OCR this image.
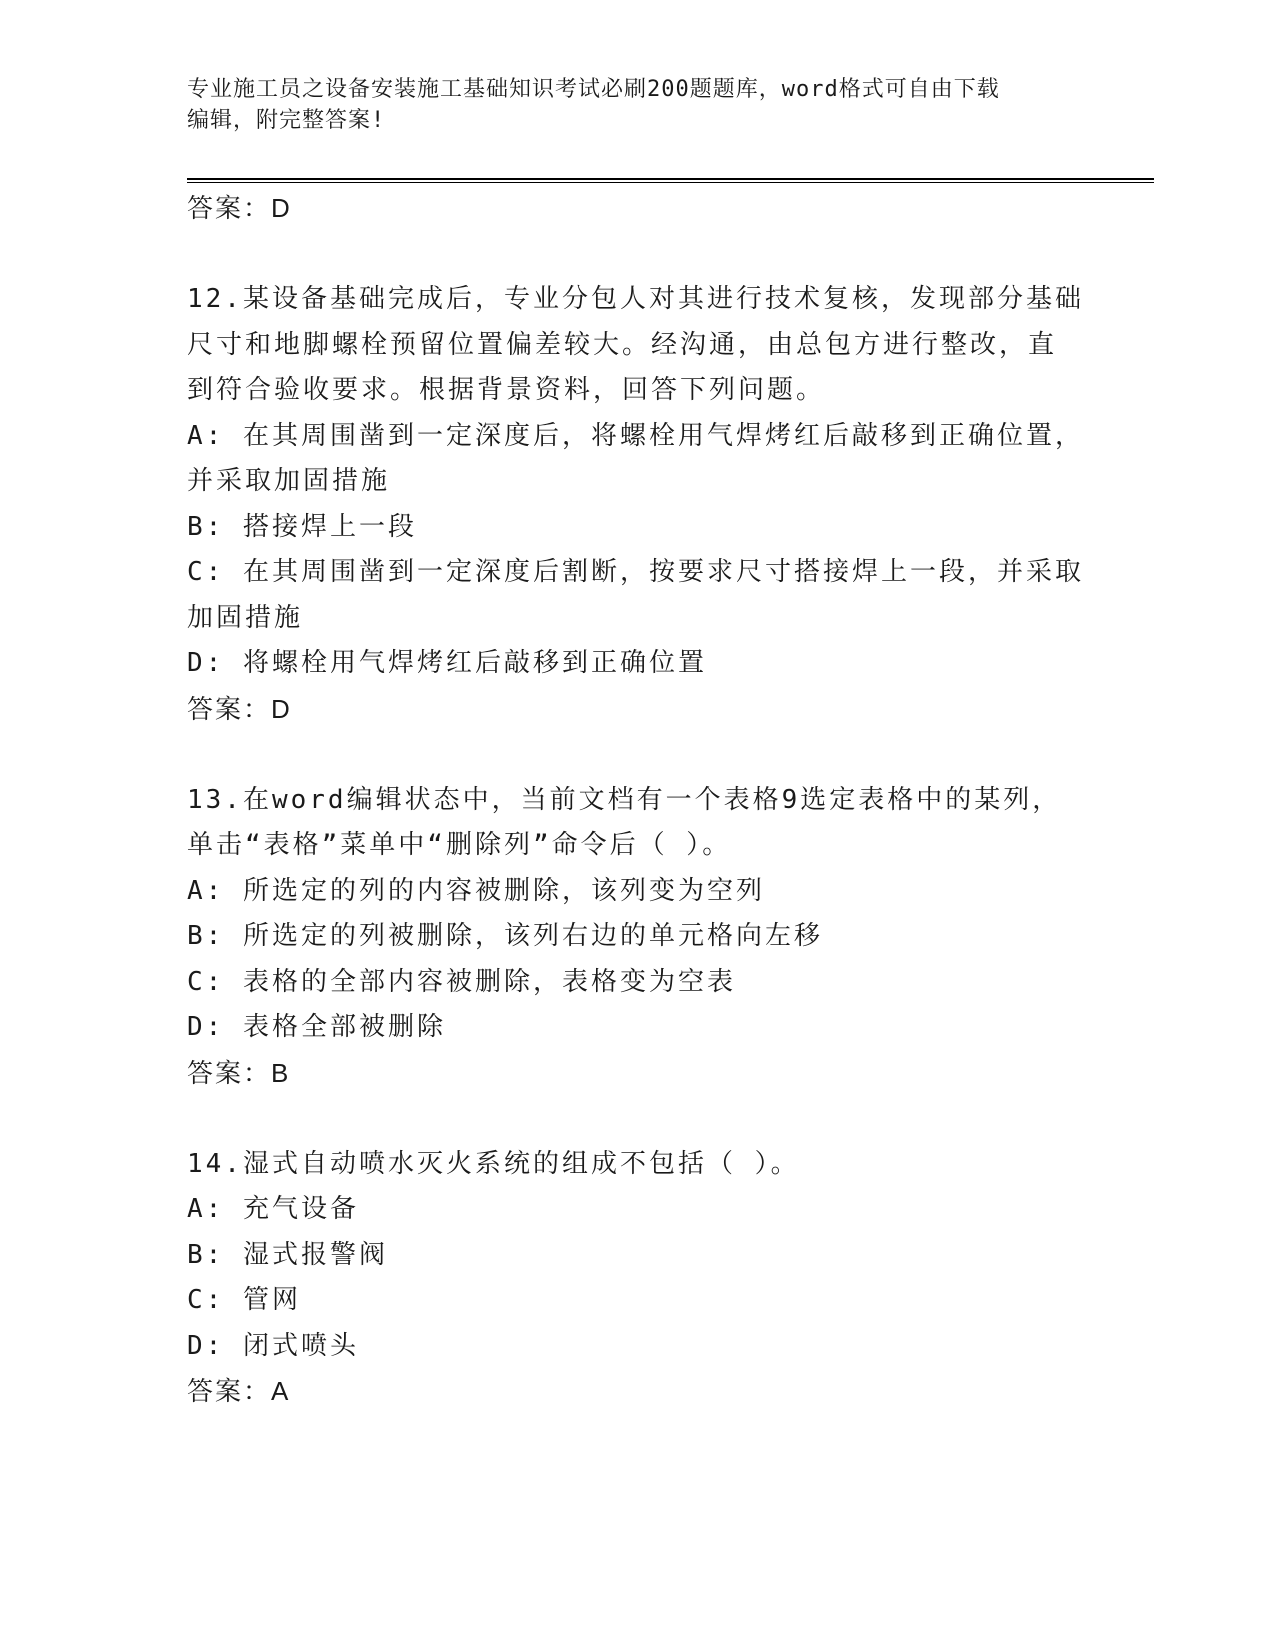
专业施工员之设备安装施工基础知识考试必刷200题题库，word格式可自由下载
编辑，附完整答案!
答案：D
12.某设备基础完成后，专业分包人对其进行技术复核，发现部分基础
尺寸和地脚螺栓预留位置偏差较大。经沟通，由总包方进行整改，直
到符合验收要求。根据背景资料，回答下列问题。
A: 在其周围凿到一定深度后，将螺栓用气焊烤红后敲移到正确位置，
并采取加固措施
B: 搭接焊上一段
C: 在其周围凿到一定深度后割断，按要求尺寸搭接焊上一段，并采取
加固措施
D: 将螺栓用气焊烤红后敲移到正确位置
答案：D
13.在word编辑状态中，当前文档有一个表格9选定表格中的某列，
单击“表格”菜单中“删除列”命令后（ ）。
A: 所选定的列的内容被删除，该列变为空列
B: 所选定的列被删除，该列右边的单元格向左移
C: 表格的全部内容被删除，表格变为空表
D: 表格全部被删除
答案：B
14.湿式自动喷水灭火系统的组成不包括（ ）。
A: 充气设备
B: 湿式报警阀
C: 管网
D: 闭式喷头
答案：A
